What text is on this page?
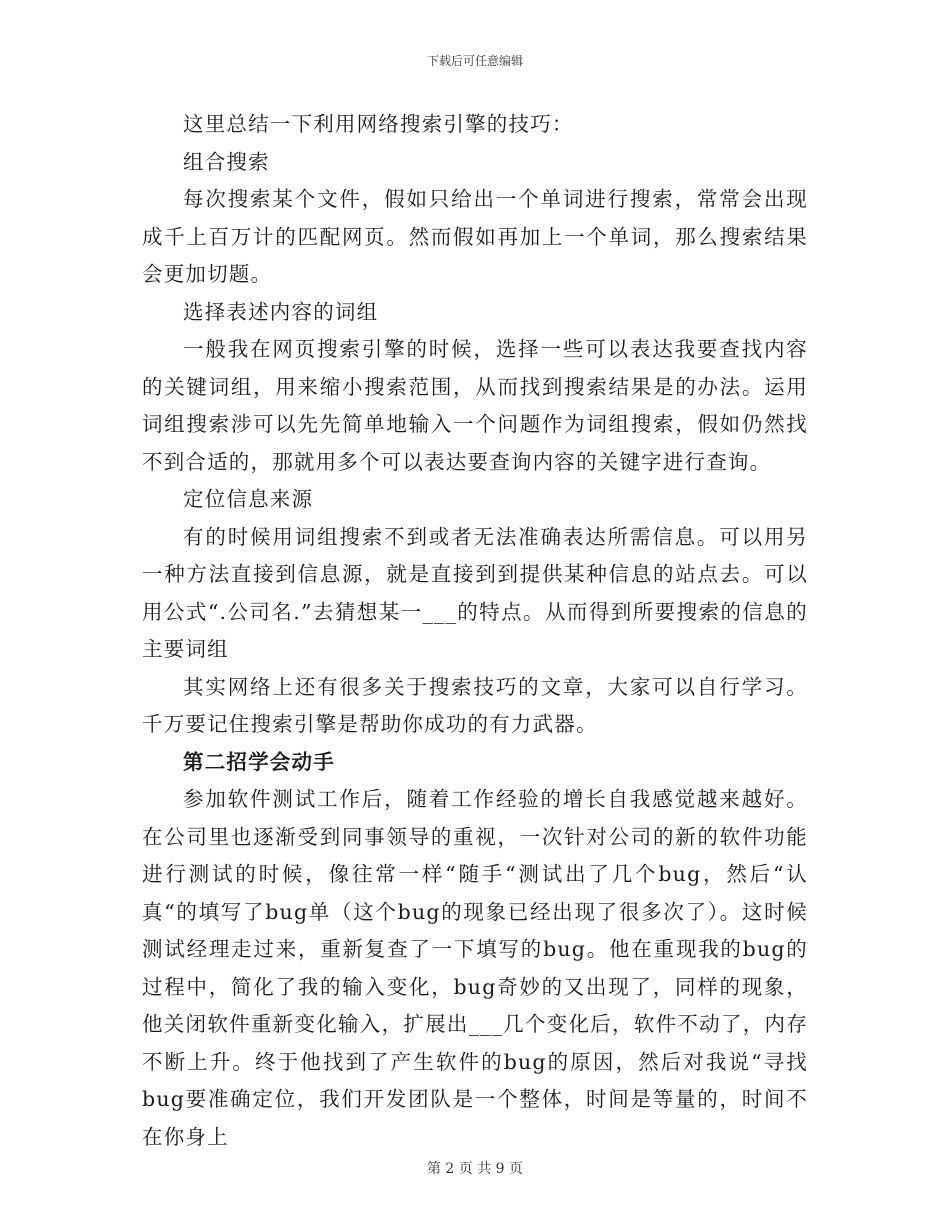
下载后可任意编辑

这里总结一下利用网络搜索引擎的技巧：

组合搜索

每次搜索某个文件，假如只给出一个单词进行搜索，常常会出现成千上百万计的匹配网页。然而假如再加上一个单词，那么搜索结果会更加切题。

选择表述内容的词组

一般我在网页搜索引擎的时候，选择一些可以表达我要查找内容的关键词组，用来缩小搜索范围，从而找到搜索结果是的办法。运用词组搜索涉可以先先简单地输入一个问题作为词组搜索，假如仍然找不到合适的，那就用多个可以表达要查询内容的关键字进行查询。

定位信息来源

有的时候用词组搜索不到或者无法准确表达所需信息。可以用另一种方法直接到信息源，就是直接到到提供某种信息的站点去。可以用公式“.公司名.”去猜想某一___的特点。从而得到所要搜索的信息的主要词组

其实网络上还有很多关于搜索技巧的文章，大家可以自行学习。千万要记住搜索引擎是帮助你成功的有力武器。

第二招学会动手

参加软件测试工作后，随着工作经验的增长自我感觉越来越好。在公司里也逐渐受到同事领导的重视，一次针对公司的新的软件功能进行测试的时候，像往常一样“随手“测试出了几个bug，然后“认真“的填写了bug单（这个bug的现象已经出现了很多次了）。这时候测试经理走过来，重新复查了一下填写的bug。他在重现我的bug的过程中，简化了我的输入变化，bug奇妙的又出现了，同样的现象，他关闭软件重新变化输入，扩展出___几个变化后，软件不动了，内存不断上升。终于他找到了产生软件的bug的原因，然后对我说“寻找bug要准确定位，我们开发团队是一个整体，时间是等量的，时间不在你身上

第 2 页 共 9 页
